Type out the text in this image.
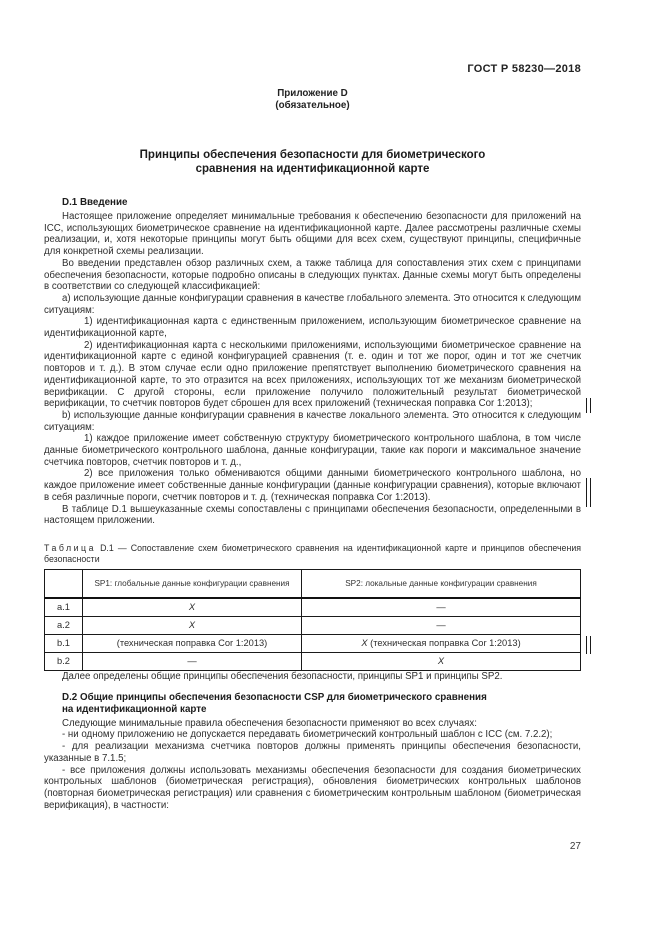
ГОСТ Р 58230—2018
Приложение D
(обязательное)
Принципы обеспечения безопасности для биометрического
сравнения на идентификационной карте
D.1 Введение

Настоящее приложение определяет минимальные требования к обеспечению безопасности для приложений на ICC, использующих биометрическое сравнение на идентификационной карте. Далее рассмотрены различные схемы реализации, и, хотя некоторые принципы могут быть общими для всех схем, существуют принципы, специфичные для конкретной схемы реализации.

Во введении представлен обзор различных схем, а также таблица для сопоставления этих схем с принципами обеспечения безопасности, которые подробно описаны в следующих пунктах. Данные схемы могут быть определены в соответствии со следующей классификацией:

а) использующие данные конфигурации сравнения в качестве глобального элемента. Это относится к следующим ситуациям:

1) идентификационная карта с единственным приложением, использующим биометрическое сравнение на идентификационной карте,

2) идентификационная карта с несколькими приложениями, использующими биометрическое сравнение на идентификационной карте с единой конфигурацией сравнения (т. е. один и тот же порог, один и тот же счетчик повторов и т. д.). В этом случае если одно приложение препятствует выполнению биометрического сравнения на идентификационной карте, то это отразится на всех приложениях, использующих тот же механизм биометрической верификации. С другой стороны, если приложение получило положительный результат биометрической верификации, то счетчик повторов будет сброшен для всех приложений (техническая поправка Cor 1:2013);

b) использующие данные конфигурации сравнения в качестве локального элемента. Это относится к следующим ситуациям:

1) каждое приложение имеет собственную структуру биометрического контрольного шаблона, в том числе данные биометрического контрольного шаблона, данные конфигурации, такие как пороги и максимальное значение счетчика повторов, счетчик повторов и т. д.,

2) все приложения только обмениваются общими данными биометрического контрольного шаблона, но каждое приложение имеет собственные данные конфигурации (данные конфигурации сравнения), которые включают в себя различные пороги, счетчик повторов и т. д. (техническая поправка Cor 1:2013).

В таблице D.1 вышеуказанные схемы сопоставлены с принципами обеспечения безопасности, определенными в настоящем приложении.

Таблица D.1 — Сопоставление схем биометрического сравнения на идентификационной карте и принципов обеспечения безопасности
	SP1: глобальные данные конфигурации сравнения	SP2: локальные данные конфигурации сравнения
a.1	X	—
a.2	X	—
b.1	(техническая поправка Cor 1:2013)	X (техническая поправка Cor 1:2013)
b.2	—	X

Далее определены общие принципы обеспечения безопасности, принципы SP1 и принципы SP2.

D.2 Общие принципы обеспечения безопасности CSP для биометрического сравнения
на идентификационной карте

Следующие минимальные правила обеспечения безопасности применяют во всех случаях:

- ни одному приложению не допускается передавать биометрический контрольный шаблон с ICC (см. 7.2.2);

- для реализации механизма счетчика повторов должны применять принципы обеспечения безопасности, указанные в 7.1.5;

- все приложения должны использовать механизмы обеспечения безопасности для создания биометрических контрольных шаблонов (биометрическая регистрация), обновления биометрических контрольных шаблонов (повторная биометрическая регистрация) или сравнения с биометрическим контрольным шаблоном (биометрическая верификация), в частности:

27
